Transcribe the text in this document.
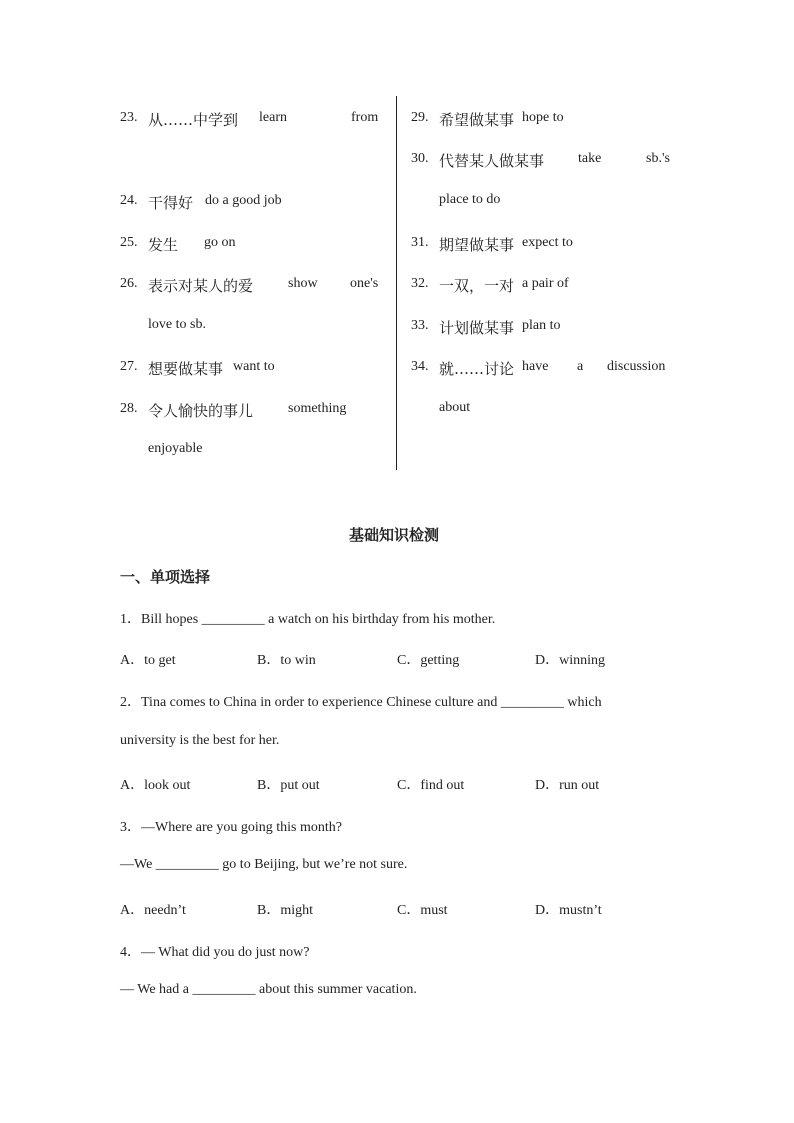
23. 从……中学到 learn	from
24. 干得好 do a good job
25. 发生 go on
26. 表示对某人的爱 show one's
love to sb.
27. 想要做某事 want to
28. 令人愉快的事儿 something
enjoyable
29. 希望做某事 hope to
30. 代替某人做某事 take	sb.'s
place to do
31. 期望做某事 expect to
32. 一双，一对 a pair of
33. 计划做某事 plan to
34. 就……讨论 have a discussion
about
基础知识检测
一、单项选择
1．Bill hopes _________ a watch on his birthday from his mother.
A．to get	B．to win	C．getting	D．winning
2．Tina comes to China in order to experience Chinese culture and _________ which
university is the best for her.
A．look out	B．put out	C．find out	D．run out
3．—Where are you going this month?
—We _________ go to Beijing, but we’re not sure.
A．needn’t	B．might	C．must	D．mustn’t
4．— What did you do just now?
— We had a _________ about this summer vacation.
